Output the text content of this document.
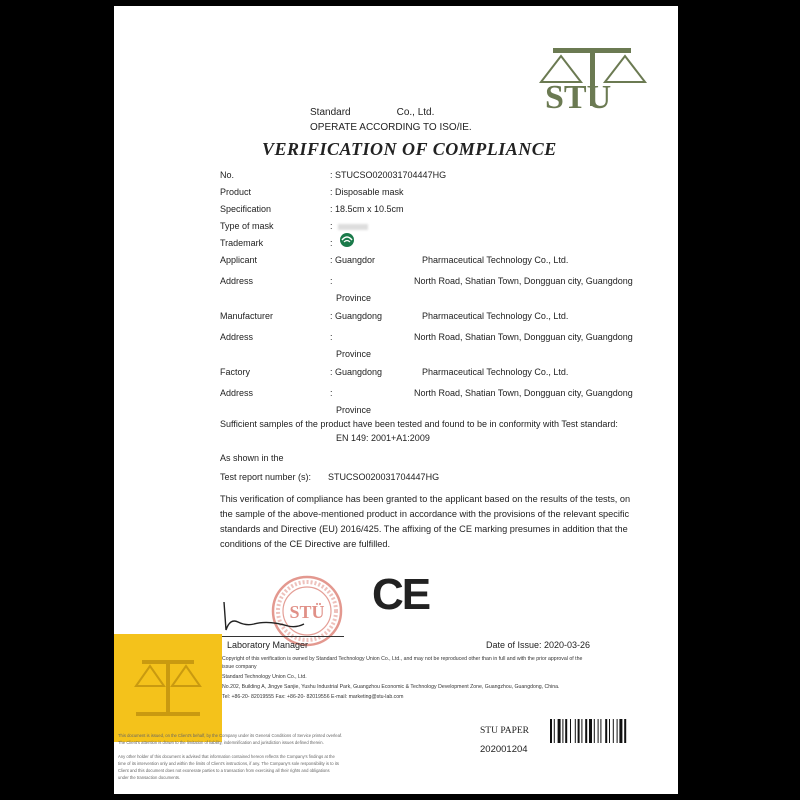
STU
Standard	Co., Ltd.
OPERATE ACCORDING TO ISO/IE.
VERIFICATION OF COMPLIANCE
No.	: STUCSO020031704447HG
Product	: Disposable mask
Specification	: 18.5cm x 10.5cm
Type of mask	:
Trademark	:
Applicant	: Guangdor	Pharmaceutical Technology Co., Ltd.
Address	:	North Road, Shatian Town, Dongguan city, Guangdong
Province
Manufacturer	: Guangdong	Pharmaceutical Technology Co., Ltd.
Address	:	North Road, Shatian Town, Dongguan city, Guangdong
Province
Factory	: Guangdong	Pharmaceutical Technology Co., Ltd.
Address	:	North Road, Shatian Town, Dongguan city, Guangdong
Province
Sufficient samples of the product have been tested and found to be in conformity with Test standard:
EN 149: 2001+A1:2009
As shown in the
Test report number (s): STUCSO020031704447HG
This verification of compliance has been granted to the applicant based on the results of the tests, on
the sample of the above-mentioned product in accordance with the provisions of the relevant specific
standards and Directive (EU) 2016/425. The affixing of the CE marking presumes in addition that the
conditions of the CE Directive are fulfilled.
STÜ CE
Laboratory Manager	Date of Issue: 2020-03-26
Copyright of this verification is owned by Standard Technology Union Co., Ltd., and may not be reproduced other than in full and with the prior approval of the
issue company
Standard Technology Union Co., Ltd.
No.202, Building A, Jingye Sanjie, Yushu Industrial Park, Guangzhou Economic & Technology Development Zone, Guangzhou, Guangdong, China.
Tel: +86-20- 82019555 Fax: +86-20- 82019556 E-mail: marketing@stu-lab.com
This document is issued, on the Client's behalf, by the Company under its General Conditions of Service printed overleaf.
The Client's attention is drawn to the limitation of liability, indemnification and jurisdiction issues defined therein.
Any other holder of this document is advised that information contained hereon reflects the Company's findings at the
time of its intervention only and within the limits of Client's instructions, if any. The Company's sole responsibility is to its
Client and this document does not exonerate parties to a transaction from exercising all their rights and obligations
under the transaction documents.
STU PAPER
202001204
